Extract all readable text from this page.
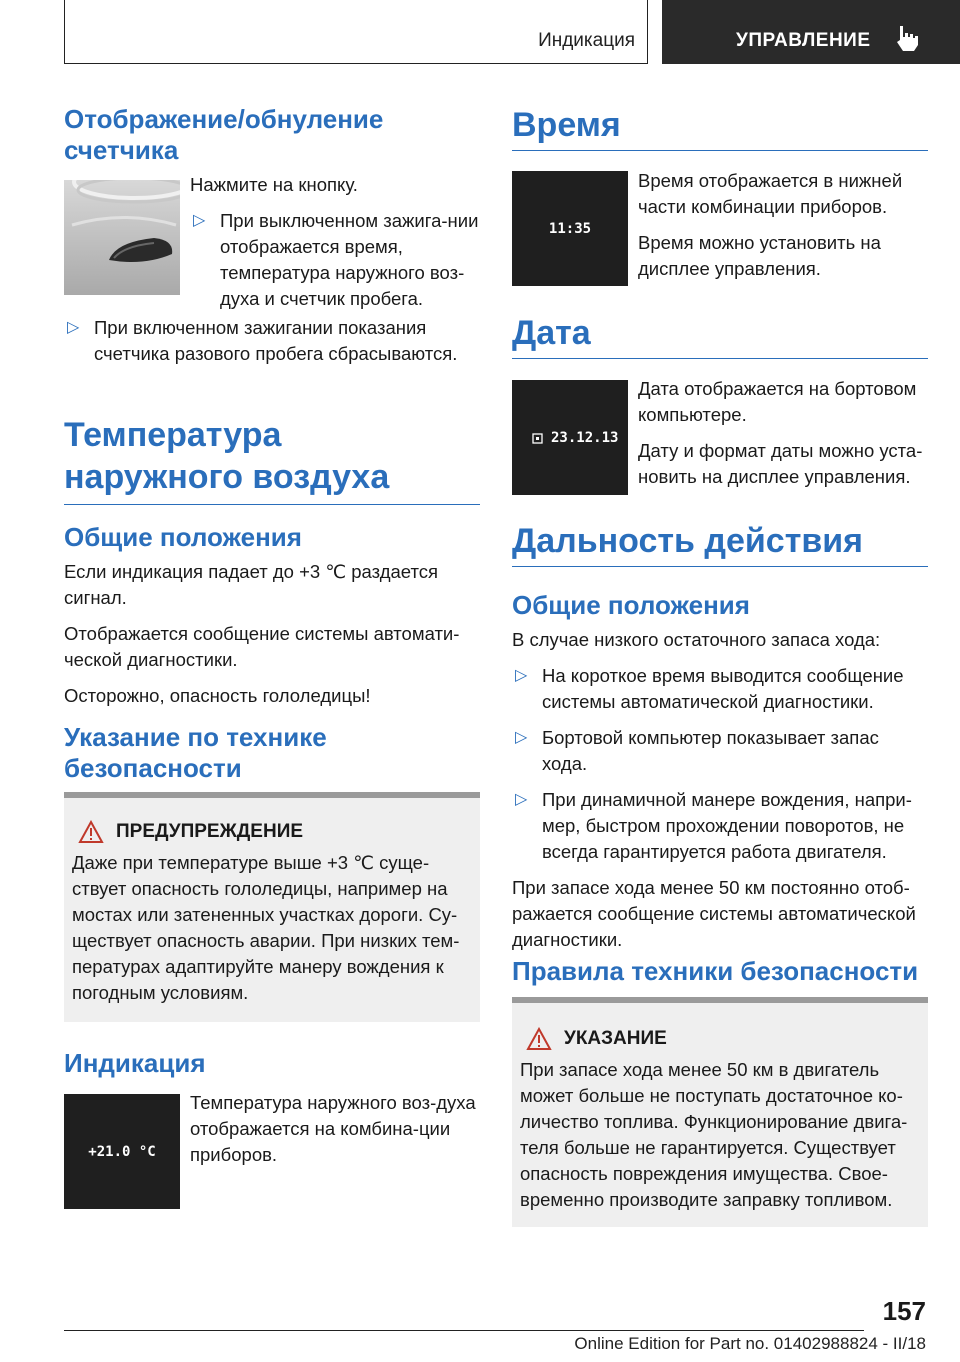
Индикация	УПРАВЛЕНИЕ
Отображение/обнуление счетчика

Нажмите на кнопку.

▷ При выключенном зажига-нии отображается время, температура наружного воз-духа и счетчик пробега.
▷ При включенном зажигании показания счетчика разового пробега сбрасываются.
Температура наружного воздуха
Общие положения

Если индикация падает до +3 ℃ раздается сигнал.

Отображается сообщение системы автомати-ческой диагностики.

Осторожно, опасность гололедицы!

Указание по технике безопасности
ПРЕДУПРЕЖДЕНИЕ

Даже при температуре выше +3 ℃ суще-ствует опасность гололедицы, например на мостах или затененных участках дороги. Су-ществует опасность аварии. При низких тем-пературах адаптируйте манеру вождения к погодным условиям.

Индикация
+21.0 °C

Температура наружного воз-духа отображается на комбина-ции приборов.

Время
11:35

Время отображается в нижней части комбинации приборов.

Время можно установить на дисплее управления.

Дата
23.12.13

Дата отображается на бортовом компьютере.

Дату и формат даты можно уста-новить на дисплее управления.

Дальность действия
Общие положения

В случае низкого остаточного запаса хода:

▷ На короткое время выводится сообщение системы автоматической диагностики.
▷ Бортовой компьютер показывает запас хода.
▷ При динамичной манере вождения, напри-мер, быстром прохождении поворотов, не всегда гарантируется работа двигателя.

При запасе хода менее 50 км постоянно отоб-ражается сообщение системы автоматической диагностики.

Правила техники безопасности
УКАЗАНИЕ

При запасе хода менее 50 км в двигатель может больше не поступать достаточное ко-личество топлива. Функционирование двига-теля больше не гарантируется. Существует опасность повреждения имущества. Свое-временно производите заправку топливом.

157
Online Edition for Part no. 01402988824 - II/18
